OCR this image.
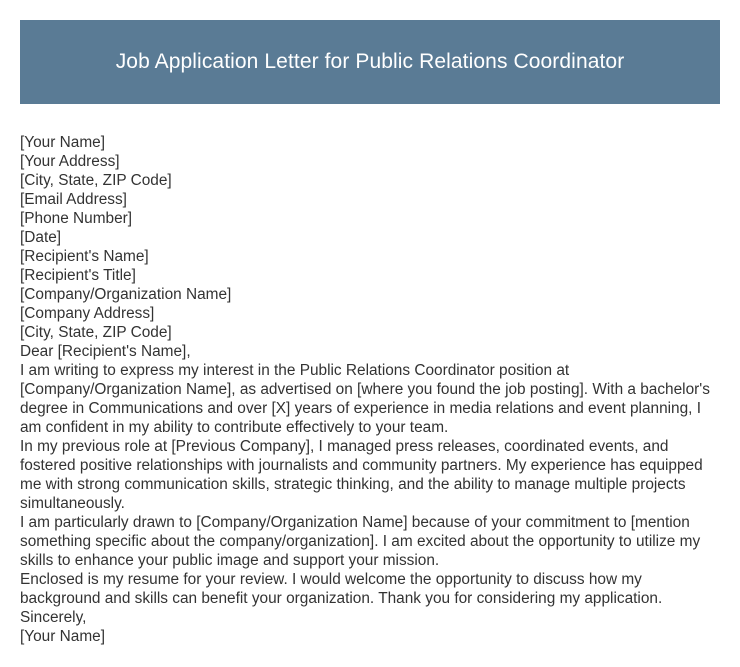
Job Application Letter for Public Relations Coordinator
[Your Name]
[Your Address]
[City, State, ZIP Code]
[Email Address]
[Phone Number]
[Date]
[Recipient's Name]
[Recipient's Title]
[Company/Organization Name]
[Company Address]
[City, State, ZIP Code]
Dear [Recipient's Name],
I am writing to express my interest in the Public Relations Coordinator position at [Company/Organization Name], as advertised on [where you found the job posting]. With a bachelor's degree in Communications and over [X] years of experience in media relations and event planning, I am confident in my ability to contribute effectively to your team.
In my previous role at [Previous Company], I managed press releases, coordinated events, and fostered positive relationships with journalists and community partners. My experience has equipped me with strong communication skills, strategic thinking, and the ability to manage multiple projects simultaneously.
I am particularly drawn to [Company/Organization Name] because of your commitment to [mention something specific about the company/organization]. I am excited about the opportunity to utilize my skills to enhance your public image and support your mission.
Enclosed is my resume for your review. I would welcome the opportunity to discuss how my background and skills can benefit your organization. Thank you for considering my application.
Sincerely,
[Your Name]
